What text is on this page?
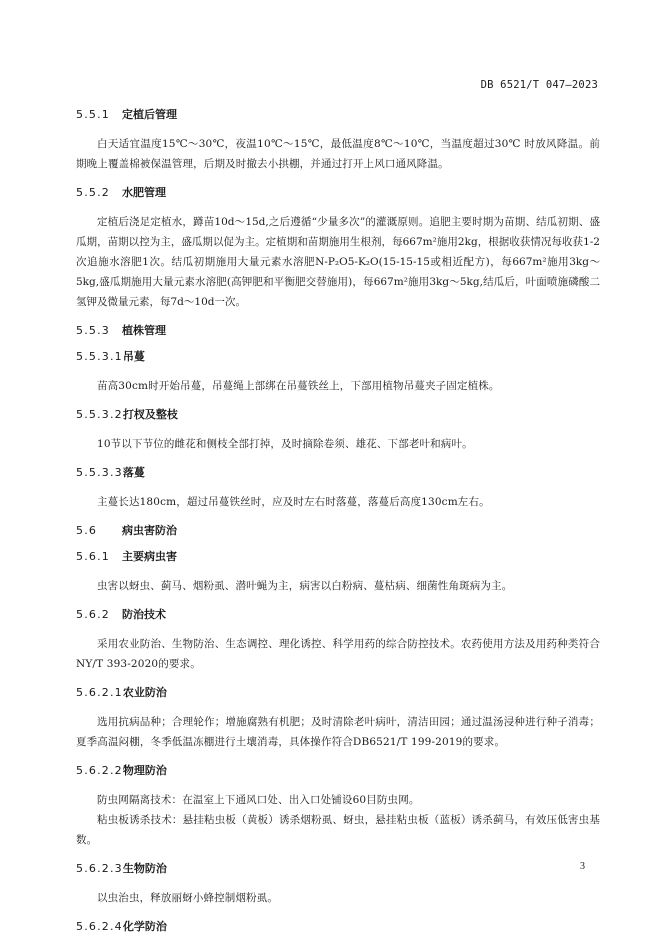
DB 6521/T 047—2023

5.5.1 定植后管理

白天适宜温度15℃～30℃，夜温10℃～15℃，最低温度8℃～10℃，当温度超过30℃ 时放风降温。前期晚上覆盖棉被保温管理，后期及时撤去小拱棚，并通过打开上风口通风降温。

5.5.2 水肥管理

定植后浇足定植水，蹲苗10d～15d,之后遵循“少量多次”的灌溉原则。追肥主要时期为苗期、结瓜初期、盛瓜期，苗期以控为主，盛瓜期以促为主。定植期和苗期施用生根剂，每667m²施用2kg，根据收获情况每收获1-2次追施水溶肥1次。结瓜初期施用大量元素水溶肥N-P₂O5-K₂O(15-15-15或相近配方)，每667m²施用3kg～5kg,盛瓜期施用大量元素水溶肥(高钾肥和平衡肥交替施用)，每667m²施用3kg～5kg,结瓜后，叶面喷施磷酸二氢钾及微量元素，每7d～10d一次。

5.5.3 植株管理

5.5.3.1吊蔓

苗高30cm时开始吊蔓，吊蔓绳上部绑在吊蔓铁丝上，下部用植物吊蔓夹子固定植株。

5.5.3.2打杈及整枝

10节以下节位的雌花和侧枝全部打掉，及时摘除卷须、雄花、下部老叶和病叶。

5.5.3.3落蔓

主蔓长达180cm，超过吊蔓铁丝时，应及时左右时落蔓，落蔓后高度130cm左右。

5.6 病虫害防治

5.6.1 主要病虫害

虫害以蚜虫、蓟马、烟粉虱、潜叶蝇为主，病害以白粉病、蔓枯病、细菌性角斑病为主。

5.6.2 防治技术

采用农业防治、生物防治、生态调控、理化诱控、科学用药的综合防控技术。农药使用方法及用药种类符合NY/T 393-2020的要求。

5.6.2.1农业防治

选用抗病品种；合理轮作；增施腐熟有机肥；及时清除老叶病叶，清洁田园；通过温汤浸种进行种子消毒；夏季高温闷棚，冬季低温冻棚进行土壤消毒，具体操作符合DB6521/T 199-2019的要求。

5.6.2.2物理防治

防虫网隔离技术：在温室上下通风口处、出入口处铺设60目防虫网。

粘虫板诱杀技术：悬挂粘虫板（黄板）诱杀烟粉虱、蚜虫，悬挂粘虫板（蓝板）诱杀蓟马，有效压低害虫基数。

5.6.2.3生物防治

以虫治虫，释放丽蚜小蜂控制烟粉虱。

5.6.2.4化学防治

3
